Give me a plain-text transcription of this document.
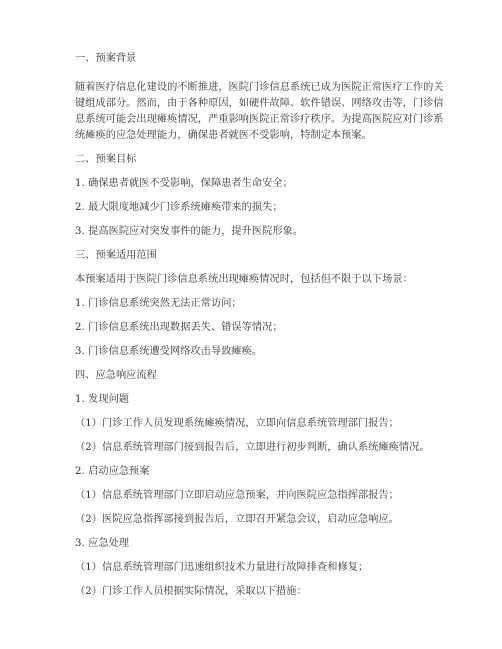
一、预案背景
随着医疗信息化建设的不断推进，医院门诊信息系统已成为医院正常医疗工作的关
键组成部分。然而，由于各种原因，如硬件故障、软件错误、网络攻击等，门诊信
息系统可能会出现瘫痪情况，严重影响医院正常诊疗秩序。为提高医院应对门诊系
统瘫痪的应急处理能力，确保患者就医不受影响，特制定本预案。
二、预案目标
1. 确保患者就医不受影响，保障患者生命安全；
2. 最大限度地减少门诊系统瘫痪带来的损失；
3. 提高医院应对突发事件的能力，提升医院形象。
三、预案适用范围
本预案适用于医院门诊信息系统出现瘫痪情况时，包括但不限于以下场景：
1. 门诊信息系统突然无法正常访问；
2. 门诊信息系统出现数据丢失、错误等情况；
3. 门诊信息系统遭受网络攻击导致瘫痪。
四、应急响应流程
1. 发现问题
（1）门诊工作人员发现系统瘫痪情况，立即向信息系统管理部门报告；
（2）信息系统管理部门接到报告后，立即进行初步判断，确认系统瘫痪情况。
2. 启动应急预案
（1）信息系统管理部门立即启动应急预案，并向医院应急指挥部报告；
（2）医院应急指挥部接到报告后，立即召开紧急会议，启动应急响应。
3. 应急处理
（1）信息系统管理部门迅速组织技术力量进行故障排查和修复；
（2）门诊工作人员根据实际情况，采取以下措施：
